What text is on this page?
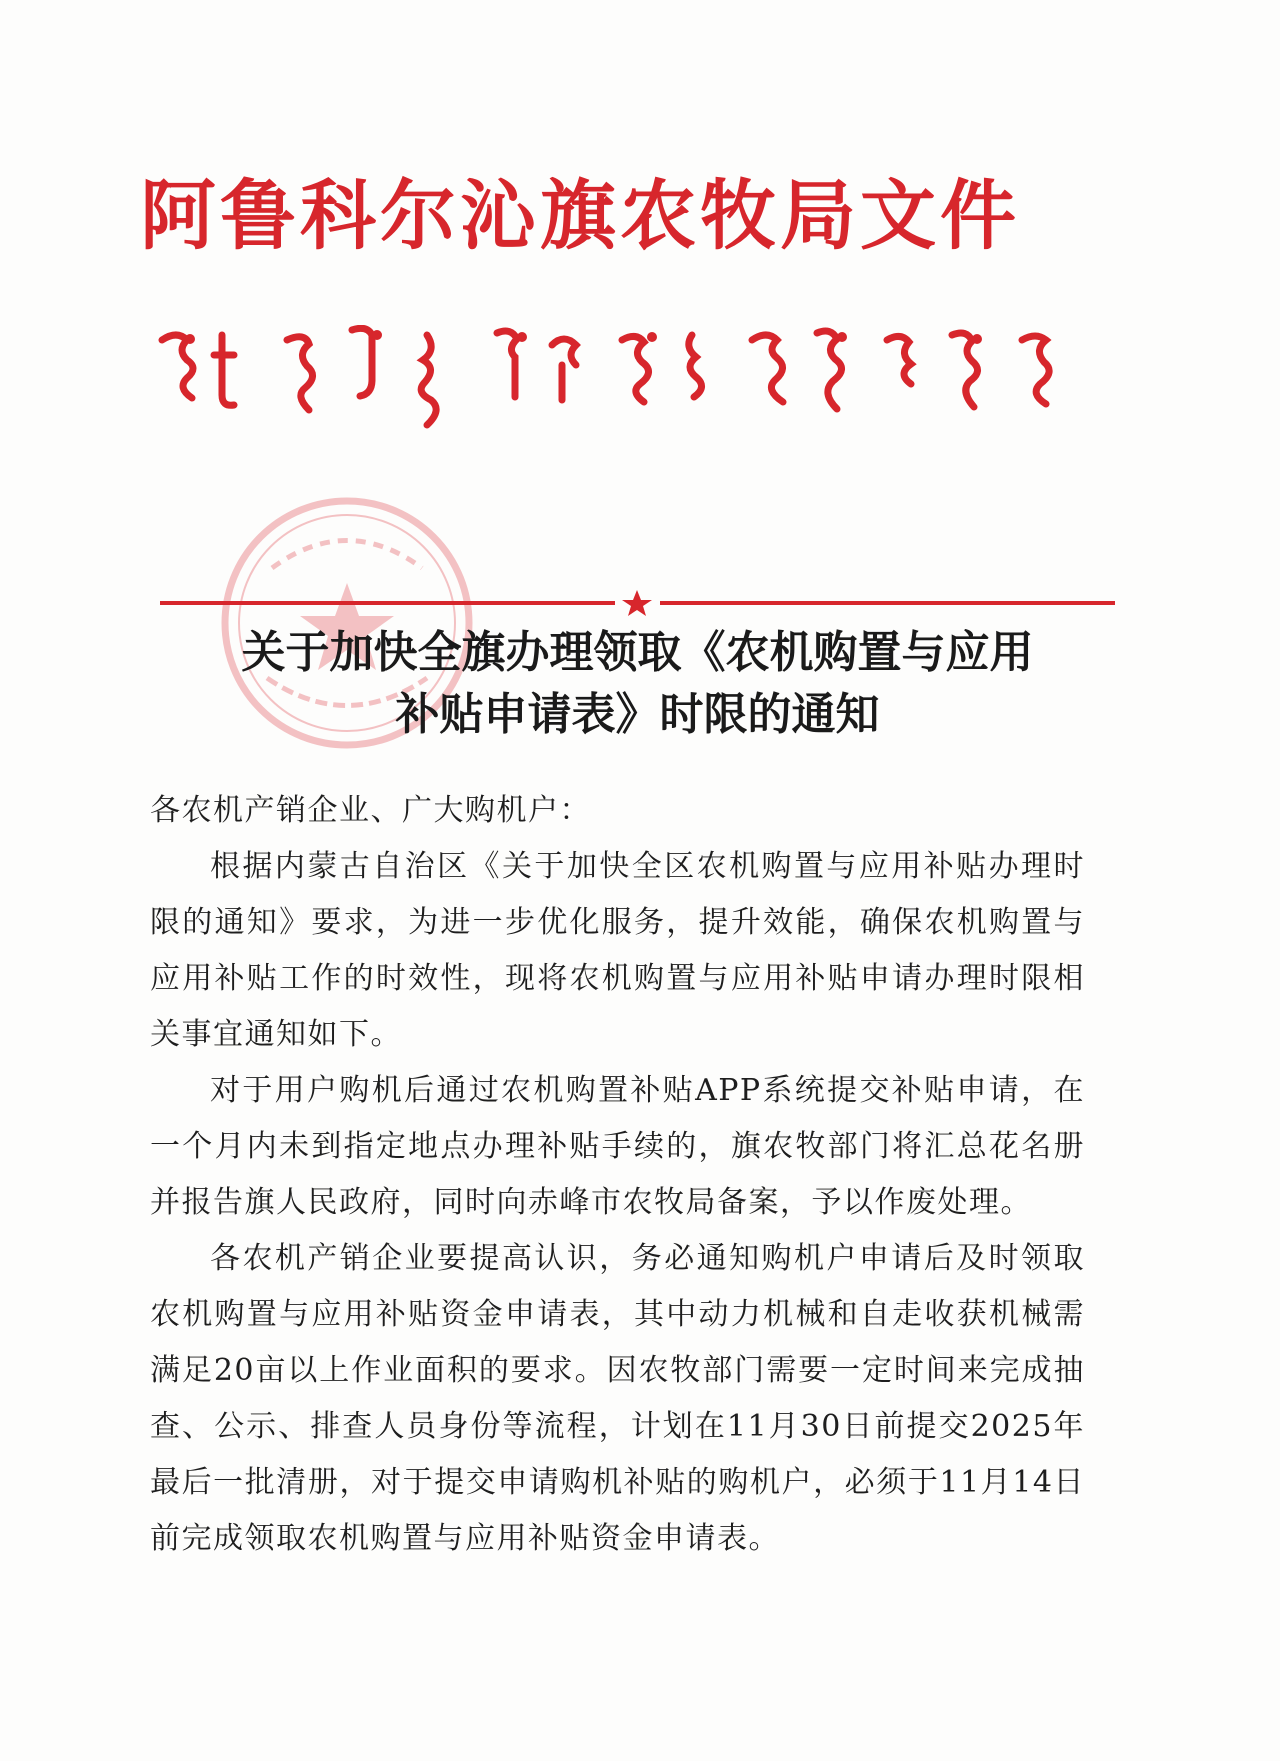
阿鲁科尔沁旗农牧局文件
关于加快全旗办理领取《农机购置与应用
补贴申请表》时限的通知

各农机产销企业、广大购机户：

根据内蒙古自治区《关于加快全区农机购置与应用补贴办理时限的通知》要求，为进一步优化服务，提升效能，确保农机购置与应用补贴工作的时效性，现将农机购置与应用补贴申请办理时限相关事宜通知如下。

对于用户购机后通过农机购置补贴APP系统提交补贴申请，在一个月内未到指定地点办理补贴手续的，旗农牧部门将汇总花名册并报告旗人民政府，同时向赤峰市农牧局备案，予以作废处理。

各农机产销企业要提高认识，务必通知购机户申请后及时领取农机购置与应用补贴资金申请表，其中动力机械和自走收获机械需满足20亩以上作业面积的要求。因农牧部门需要一定时间来完成抽查、公示、排查人员身份等流程，计划在11月30日前提交2025年最后一批清册，对于提交申请购机补贴的购机户，必须于11月14日前完成领取农机购置与应用补贴资金申请表。
